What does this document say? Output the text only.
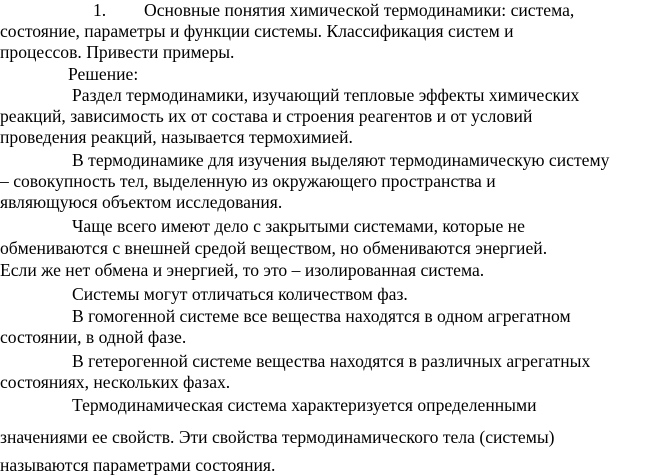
1. Основные понятия химической термодинамики: система,
состояние, параметры и функции системы. Классификация систем и
процессов. Привести примеры.
Решение:
Раздел термодинамики, изучающий тепловые эффекты химических
реакций, зависимость их от состава и строения реагентов и от условий
проведения реакций, называется термохимией.
В термодинамике для изучения выделяют термодинамическую систему
– совокупность тел, выделенную из окружающего пространства и
являющуюся объектом исследования.
Чаще всего имеют дело с закрытыми системами, которые не
обмениваются с внешней средой веществом, но обмениваются энергией.
Если же нет обмена и энергией, то это – изолированная система.
Системы могут отличаться количеством фаз.
В гомогенной системе все вещества находятся в одном агрегатном
состоянии, в одной фазе.
В гетерогенной системе вещества находятся в различных агрегатных
состояниях, нескольких фазах.
Термодинамическая система характеризуется определенными
значениями ее свойств. Эти свойства термодинамического тела (системы)
называются параметрами состояния.
